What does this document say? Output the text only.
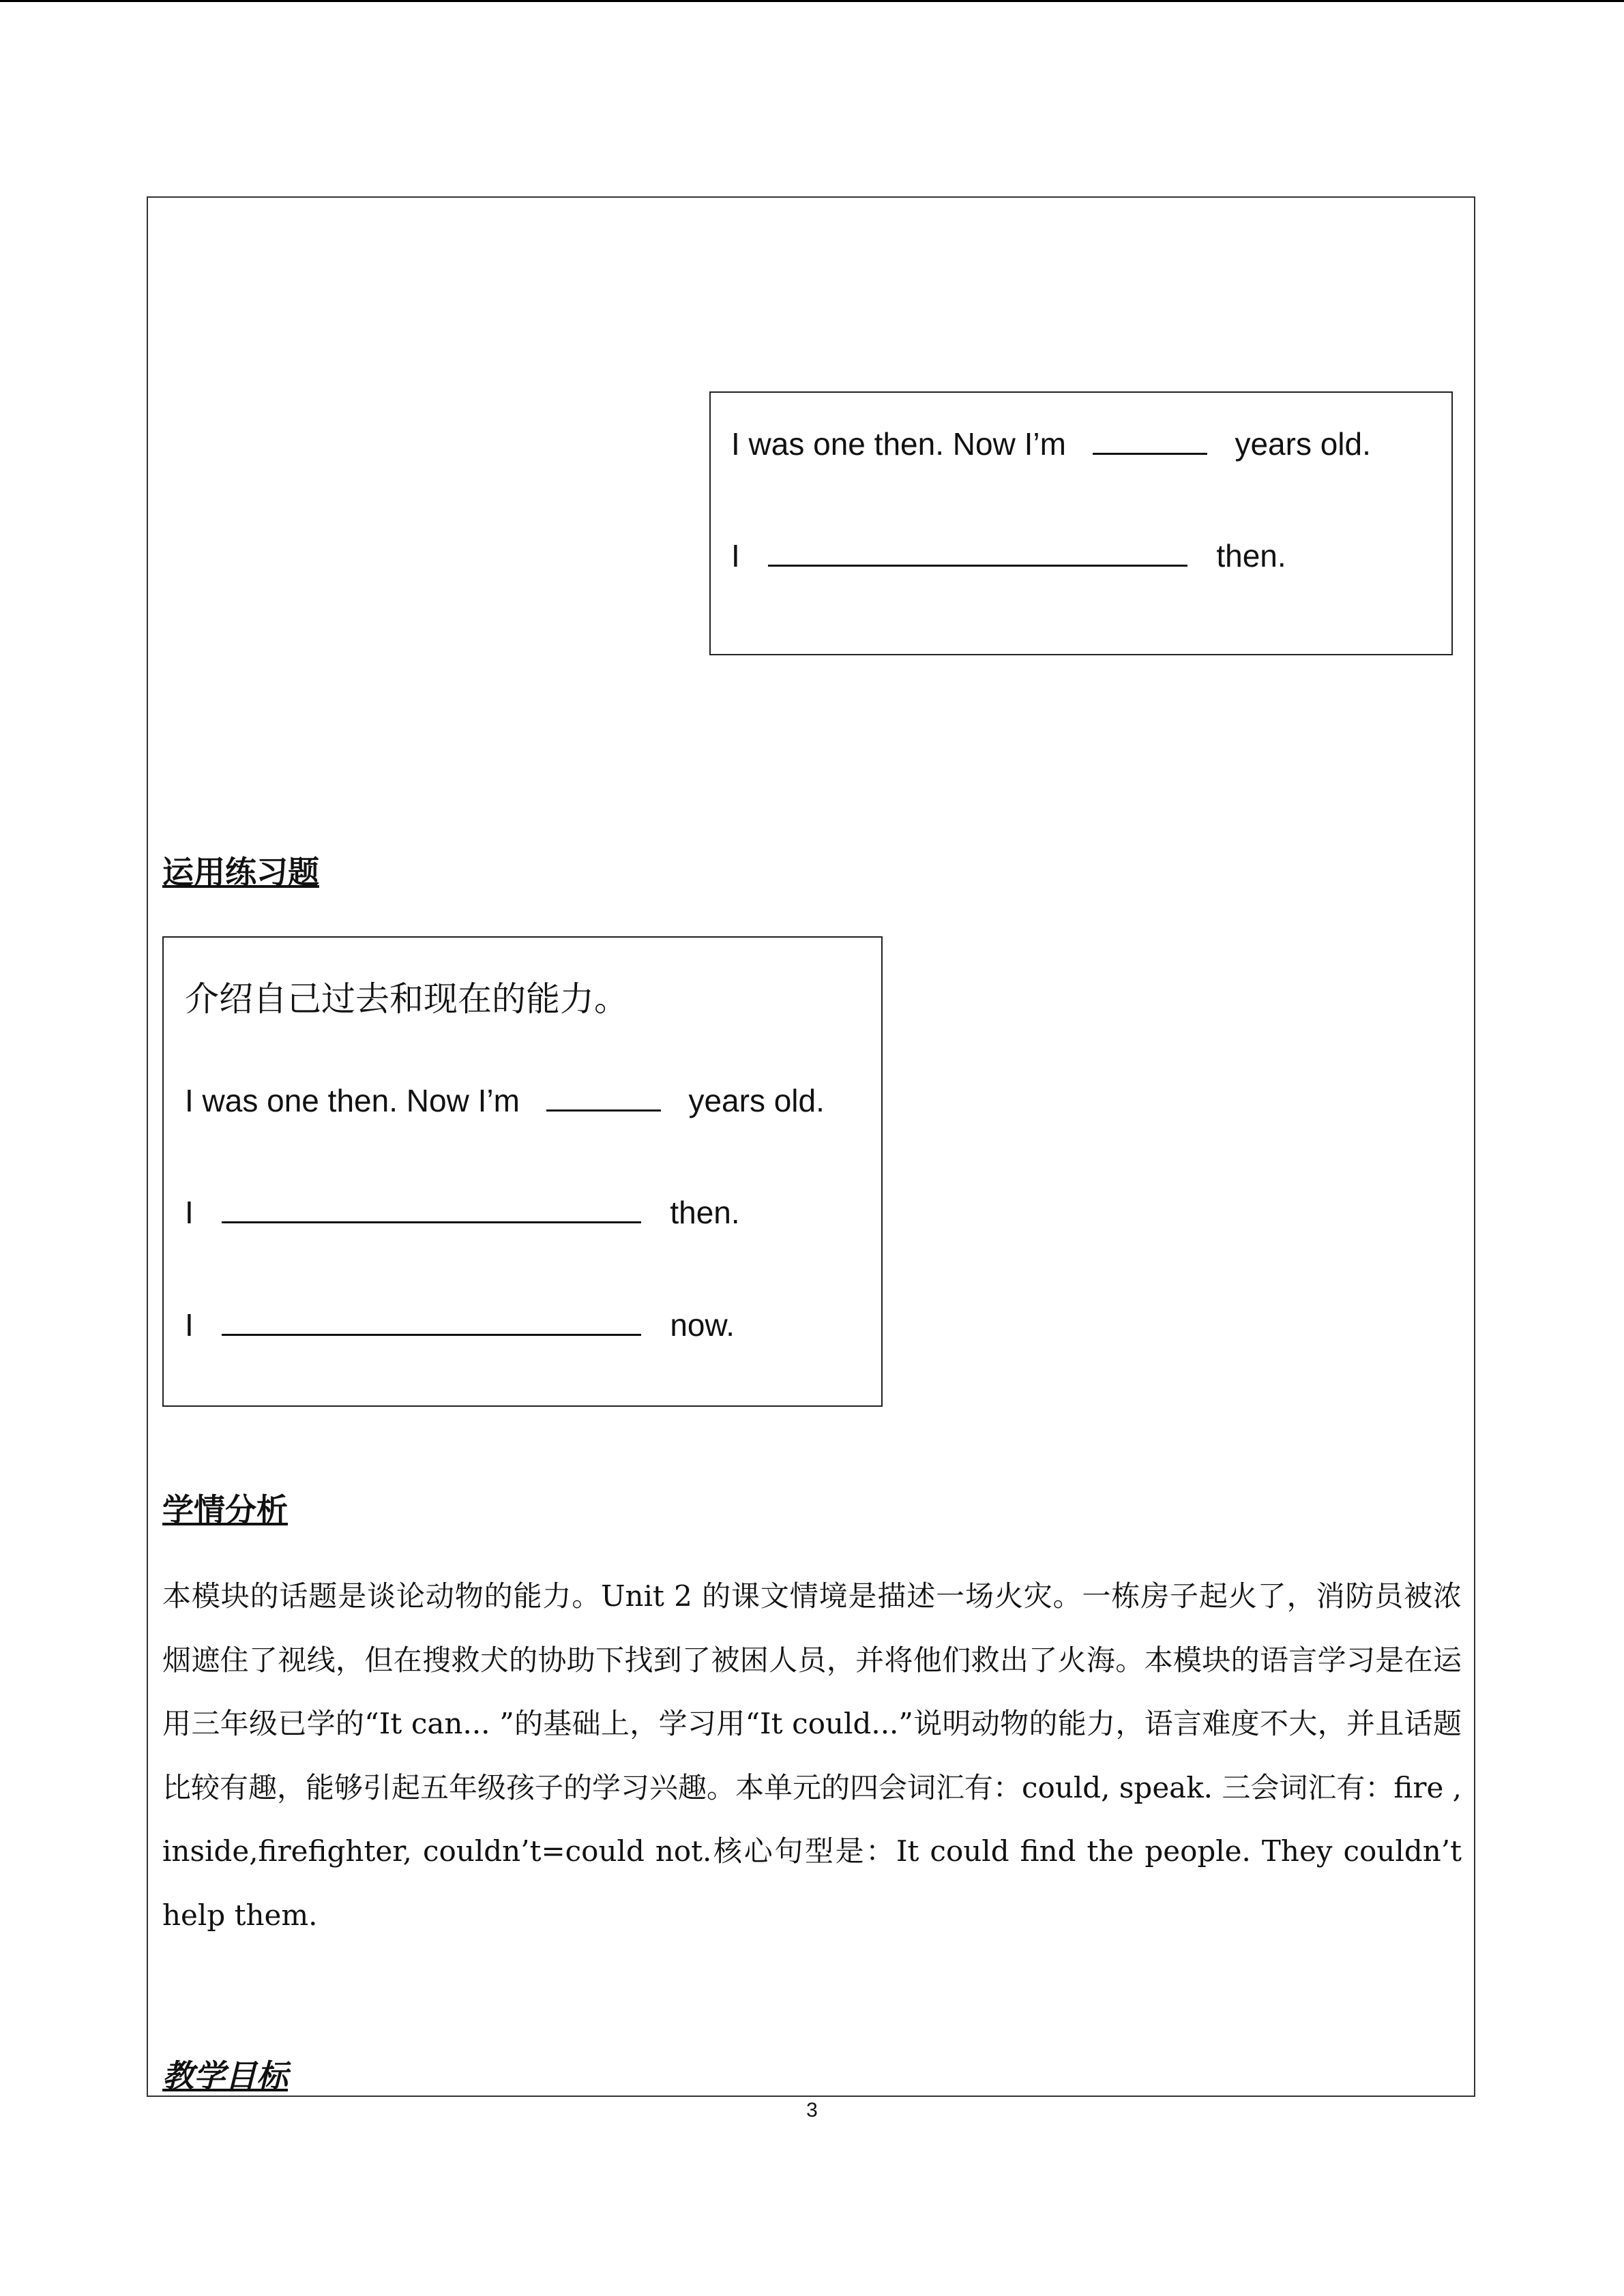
I was one then. Now I’m	years old.
I	then.
运用练习题
介绍自己过去和现在的能力。
I was one then. Now I’m	years old.
I	then.
I	now.
学情分析
本模块的话题是谈论动物的能力。Unit 2 的课文情境是描述一场火灾。一栋房子起火了，消防员被浓烟遮住了视线，但在搜救犬的协助下找到了被困人员，并将他们救出了火海。本模块的语言学习是在运用三年级已学的“It can... ”的基础上，学习用“It could...”说明动物的能力，语言难度不大，并且话题比较有趣，能够引起五年级孩子的学习兴趣。本单元的四会词汇有：could, speak. 三会词汇有：fire , inside,firefighter, couldn’t=could not.核心句型是：It could find the people. They couldn’t help them.
教学目标
3
